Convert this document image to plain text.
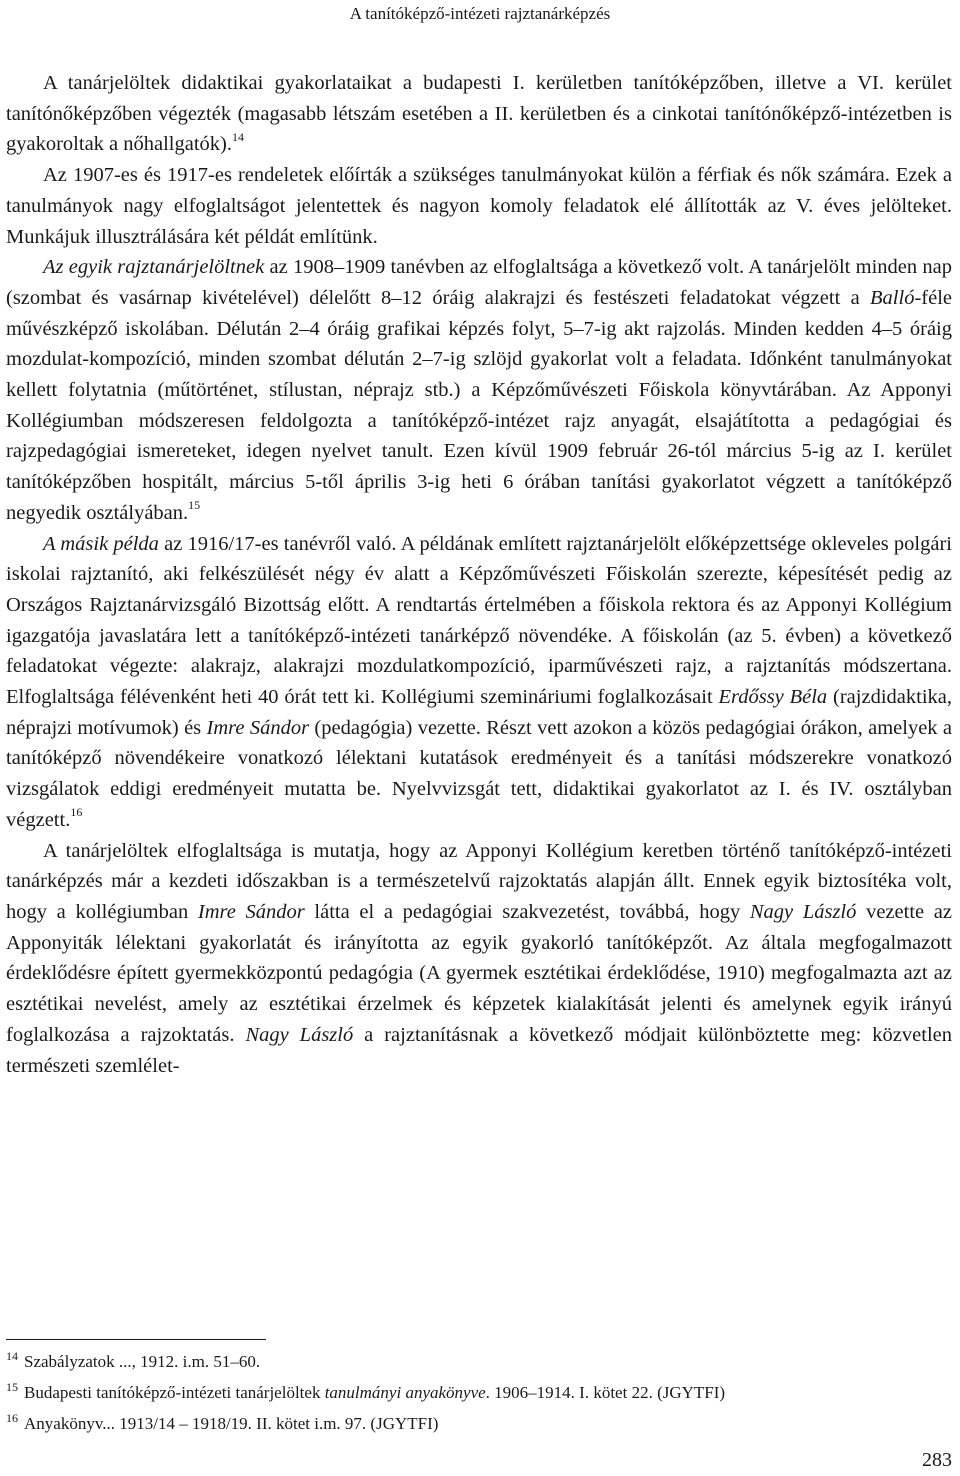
A tanítóképző-intézeti rajztanárképzés

A tanárjelöltek didaktikai gyakorlataikat a budapesti I. kerületben tanítóképzőben, illetve a VI. kerület tanítónőképzőben végezték (magasabb létszám esetében a II. kerületben és a cinkotai tanítónőképző-intézetben is gyakoroltak a nőhallgatók).$^{14}$

Az 1907-es és 1917-es rendeletek előírták a szükséges tanulmányokat külön a férfiak és nők számára. Ezek a tanulmányok nagy elfoglaltságot jelentettek és nagyon komoly feladatok elé állították az V. éves jelölteket. Munkájuk illusztrálására két példát említünk.

Az egyik rajztanárjelöltnek az 1908–1909 tanévben az elfoglaltsága a következő volt. A tanárjelölt minden nap (szombat és vasárnap kivételével) délelőtt 8–12 óráig alakrajzi és festészeti feladatokat végzett a Balló-féle művészképző iskolában. Délután 2–4 óráig grafikai képzés folyt, 5–7-ig akt rajzolás. Minden kedden 4–5 óráig mozdulat-kompozíció, minden szombat délután 2–7-ig szlöjd gyakorlat volt a feladata. Időnként tanulmányokat kellett folytatnia (műtörténet, stílustan, néprajz stb.) a Képzőművészeti Főiskola könyvtárában. Az Apponyi Kollégiumban módszeresen feldolgozta a tanítóképző-intézet rajz anyagát, elsajátította a pedagógiai és rajzpedagógiai ismereteket, idegen nyelvet tanult. Ezen kívül 1909 február 26-tól március 5-ig az I. kerület tanítóképzőben hospitált, március 5-től április 3-ig heti 6 órában tanítási gyakorlatot végzett a tanítóképző negyedik osztályában.$^{15}$

A másik példa az 1916/17-es tanévről való. A példának említett rajztanárjelölt előképzettsége okleveles polgári iskolai rajztanító, aki felkészülését négy év alatt a Képzőművészeti Főiskolán szerezte, képesítését pedig az Országos Rajztanárvizsgáló Bizottság előtt. A rendtartás értelmében a főiskola rektora és az Apponyi Kollégium igazgatója javaslatára lett a tanítóképző-intézeti tanárképző növendéke. A főiskolán (az 5. évben) a következő feladatokat végezte: alakrajz, alakrajzi mozdulatkompozíció, iparművészeti rajz, a rajztanítás módszertana. Elfoglaltsága félévenként heti 40 órát tett ki. Kollégiumi szemináriumi foglalkozásait Erdőssy Béla (rajzdidaktika, néprajzi motívumok) és Imre Sándor (pedagógia) vezette. Részt vett azokon a közös pedagógiai órákon, amelyek a tanítóképző növendékeire vonatkozó lélektani kutatások eredményeit és a tanítási módszerekre vonatkozó vizsgálatok eddigi eredményeit mutatta be. Nyelvvizsgát tett, didaktikai gyakorlatot az I. és IV. osztályban végzett.$^{16}$

A tanárjelöltek elfoglaltsága is mutatja, hogy az Apponyi Kollégium keretben történő tanítóképző-intézeti tanárképzés már a kezdeti időszakban is a természetelvű rajzoktatás alapján állt. Ennek egyik biztosítéka volt, hogy a kollégiumban Imre Sándor látta el a pedagógiai szakvezetést, továbbá, hogy Nagy László vezette az Apponyiták lélektani gyakorlatát és irányította az egyik gyakorló tanítóképzőt. Az általa megfogalmazott érdeklődésre épített gyermekközpontú pedagógia (A gyermek esztétikai érdeklődése, 1910) megfogalmazta azt az esztétikai nevelést, amely az esztétikai érzelmek és képzetek kialakítását jelenti és amelynek egyik irányú foglalkozása a rajzoktatás. Nagy László a rajztanításnak a következő módjait különböztette meg: közvetlen természeti szemlélet-

$^{14}$ Szabályzatok ..., 1912. i.m. 51–60.
$^{15}$ Budapesti tanítóképző-intézeti tanárjelöltek tanulmányi anyakönyve. 1906–1914. I. kötet 22. (JGYTFI)
$^{16}$ Anyakönyv... 1913/14 – 1918/19. II. kötet i.m. 97. (JGYTFI)
283
